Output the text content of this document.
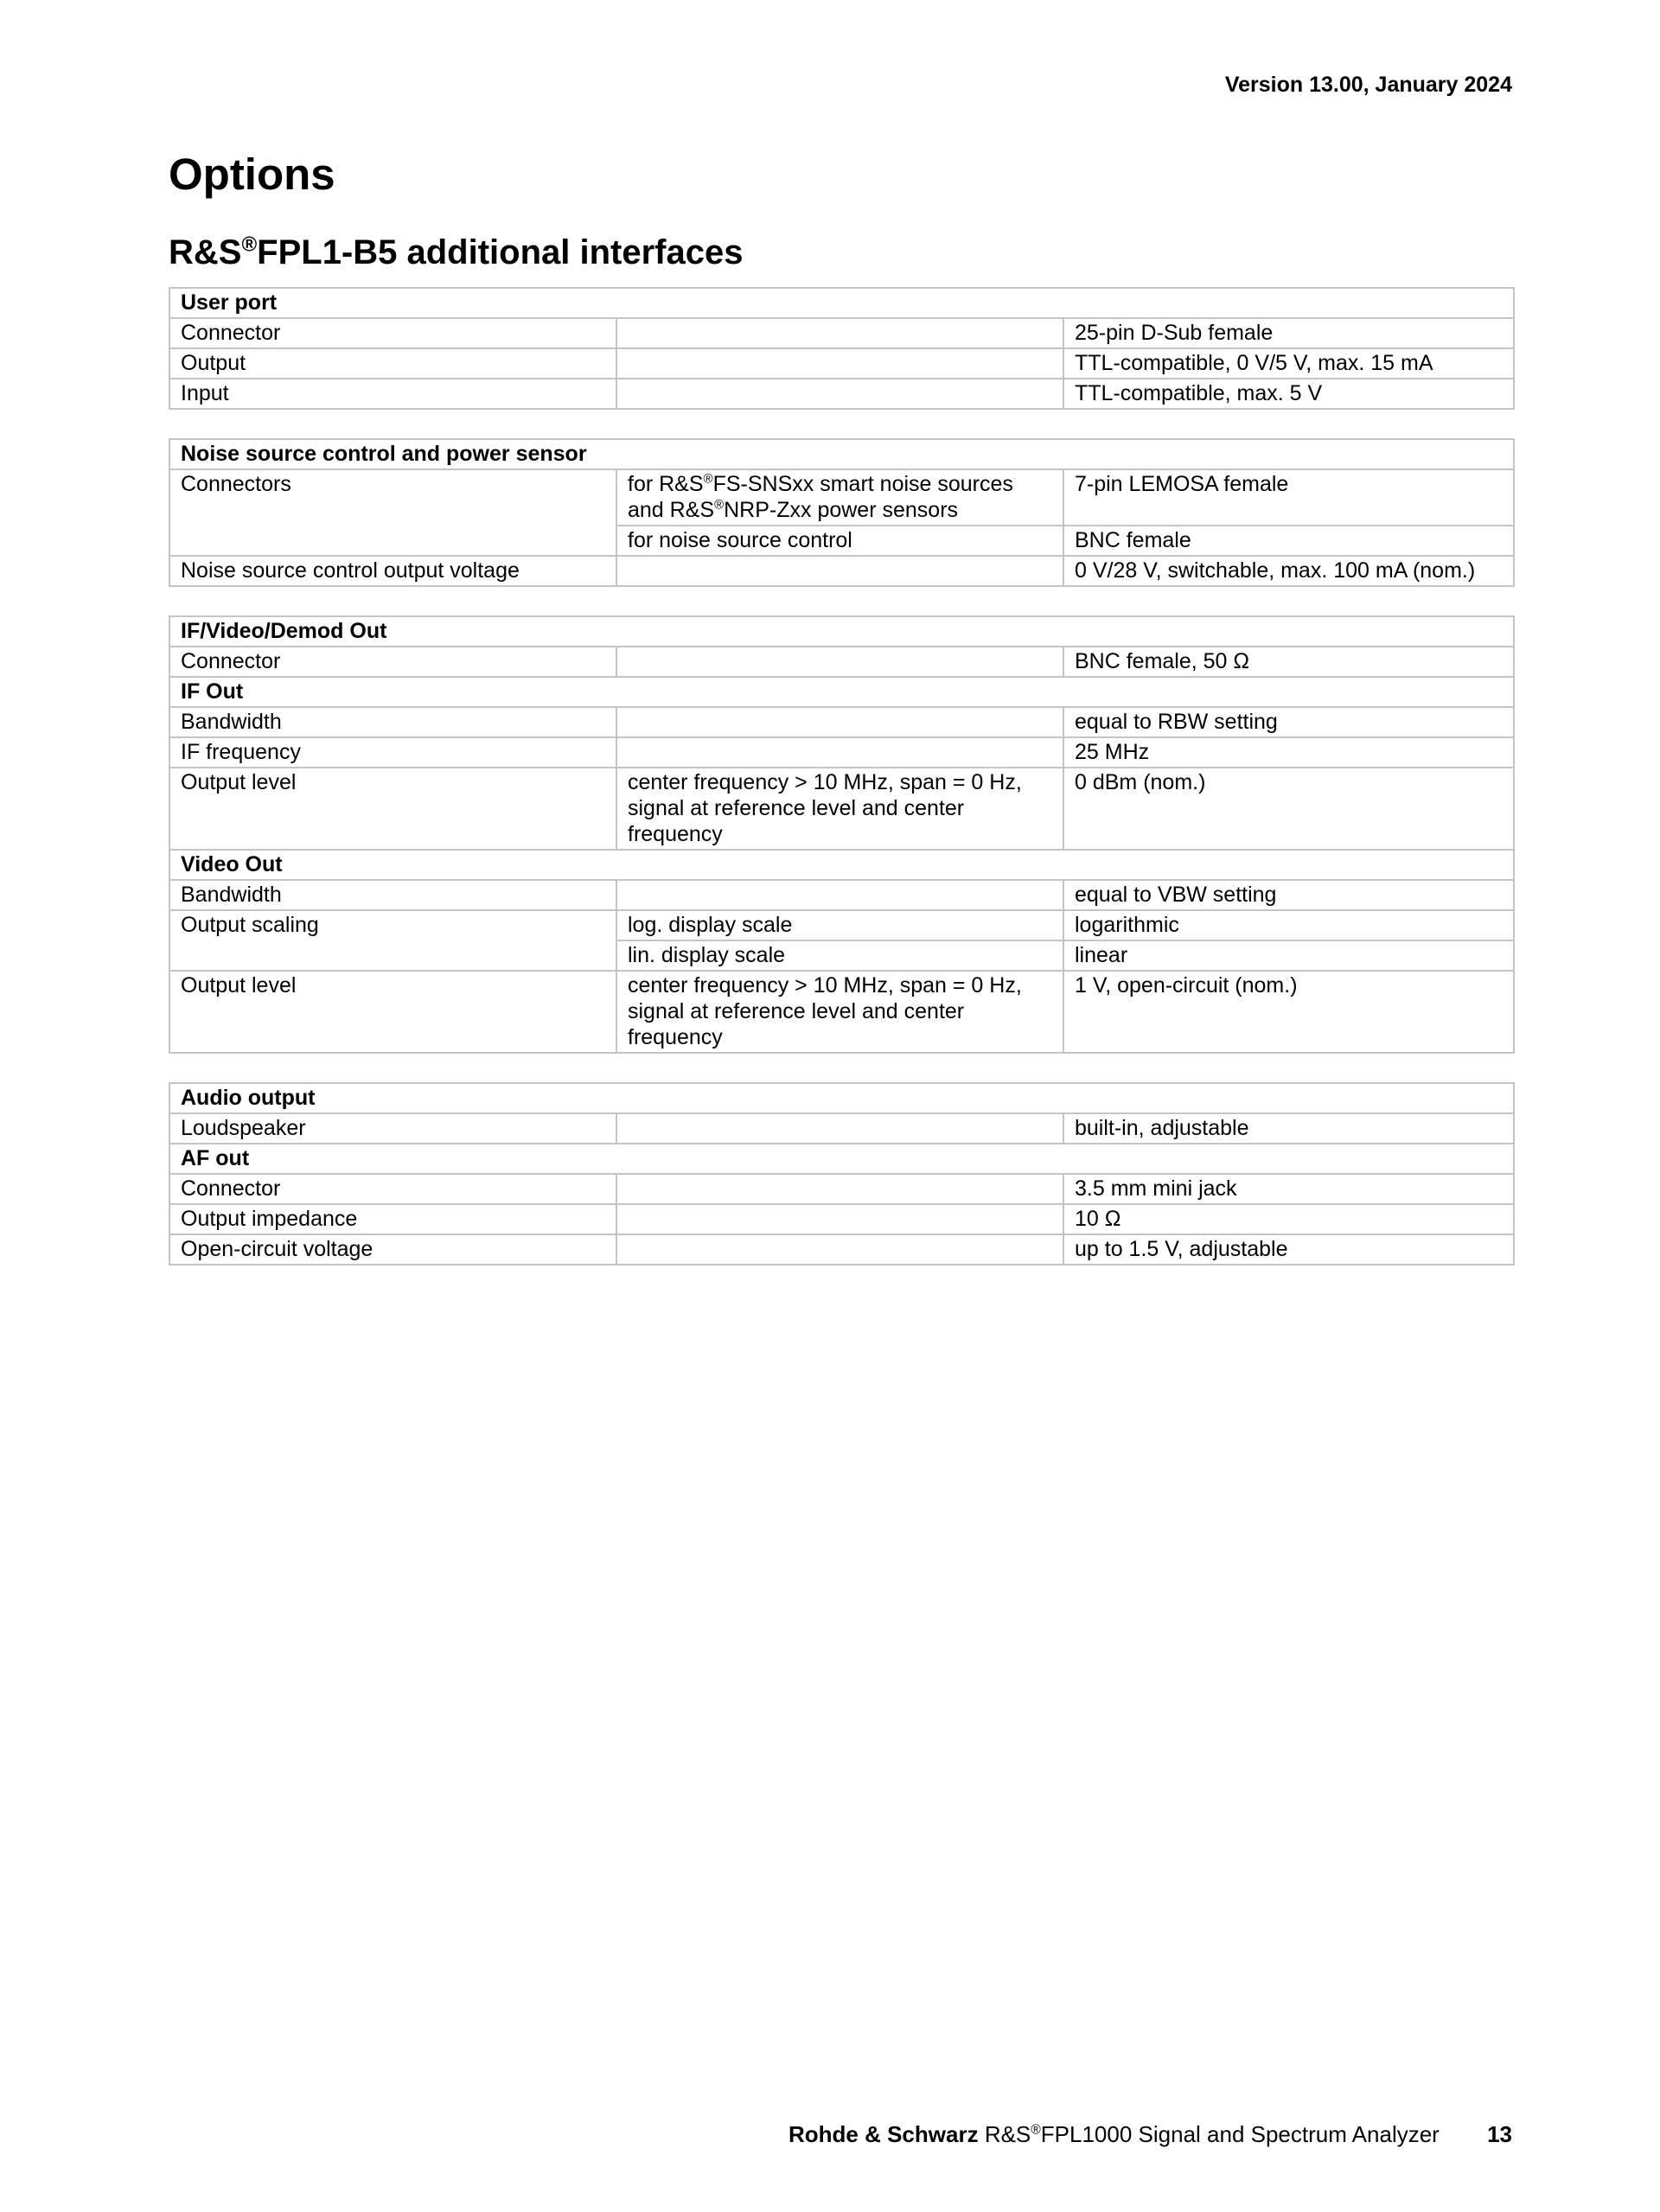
Version 13.00, January 2024
Options
R&S®FPL1-B5 additional interfaces
User port		
Connector		25-pin D-Sub female
Output		TTL-compatible, 0 V/5 V, max. 15 mA
Input		TTL-compatible, max. 5 V
Noise source control and power sensor		
Connectors	for R&S®FS-SNSxx smart noise sources and R&S®NRP-Zxx power sensors	7-pin LEMOSA female
	for noise source control	BNC female
Noise source control output voltage		0 V/28 V, switchable, max. 100 mA (nom.)
IF/Video/Demod Out		
Connector		BNC female, 50 Ω
IF Out		
Bandwidth		equal to RBW setting
IF frequency		25 MHz
Output level	center frequency > 10 MHz, span = 0 Hz, signal at reference level and center frequency	0 dBm (nom.)
Video Out		
Bandwidth		equal to VBW setting
Output scaling	log. display scale	logarithmic
	lin. display scale	linear
Output level	center frequency > 10 MHz, span = 0 Hz, signal at reference level and center frequency	1 V, open-circuit (nom.)
Audio output		
Loudspeaker		built-in, adjustable
AF out		
Connector		3.5 mm mini jack
Output impedance		10 Ω
Open-circuit voltage		up to 1.5 V, adjustable
Rohde & Schwarz R&S®FPL1000 Signal and Spectrum Analyzer 13
